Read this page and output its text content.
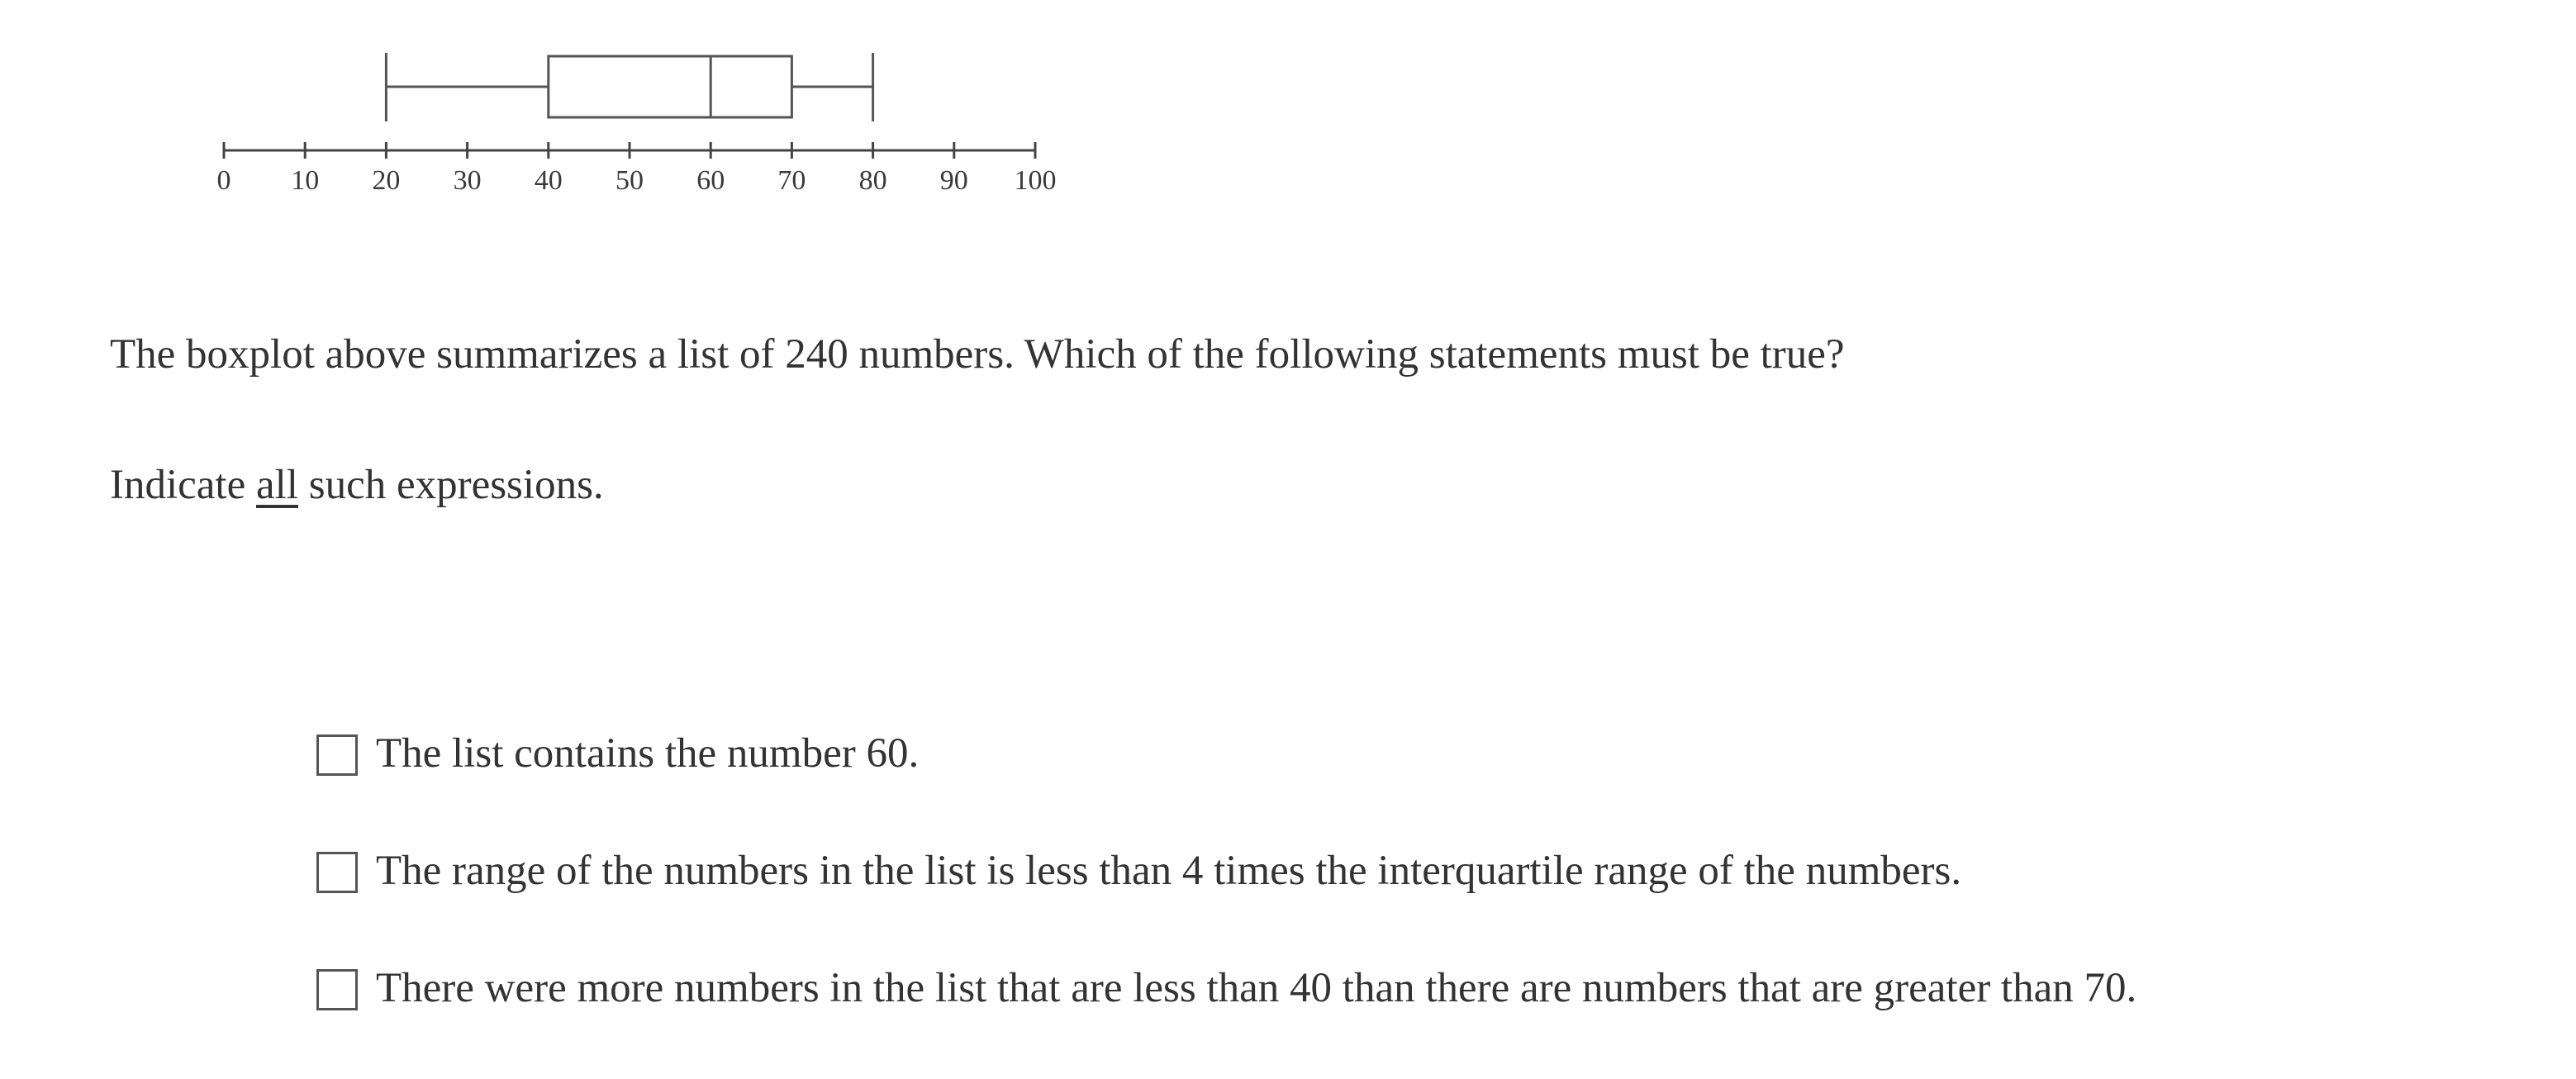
0 10 20 30 40 50 60 70 80 90 100

The boxplot above summarizes a list of 240 numbers. Which of the following statements must be true?

Indicate all such expressions.

The list contains the number 60.
The range of the numbers in the list is less than 4 times the interquartile range of the numbers.
There were more numbers in the list that are less than 40 than there are numbers that are greater than 70.
